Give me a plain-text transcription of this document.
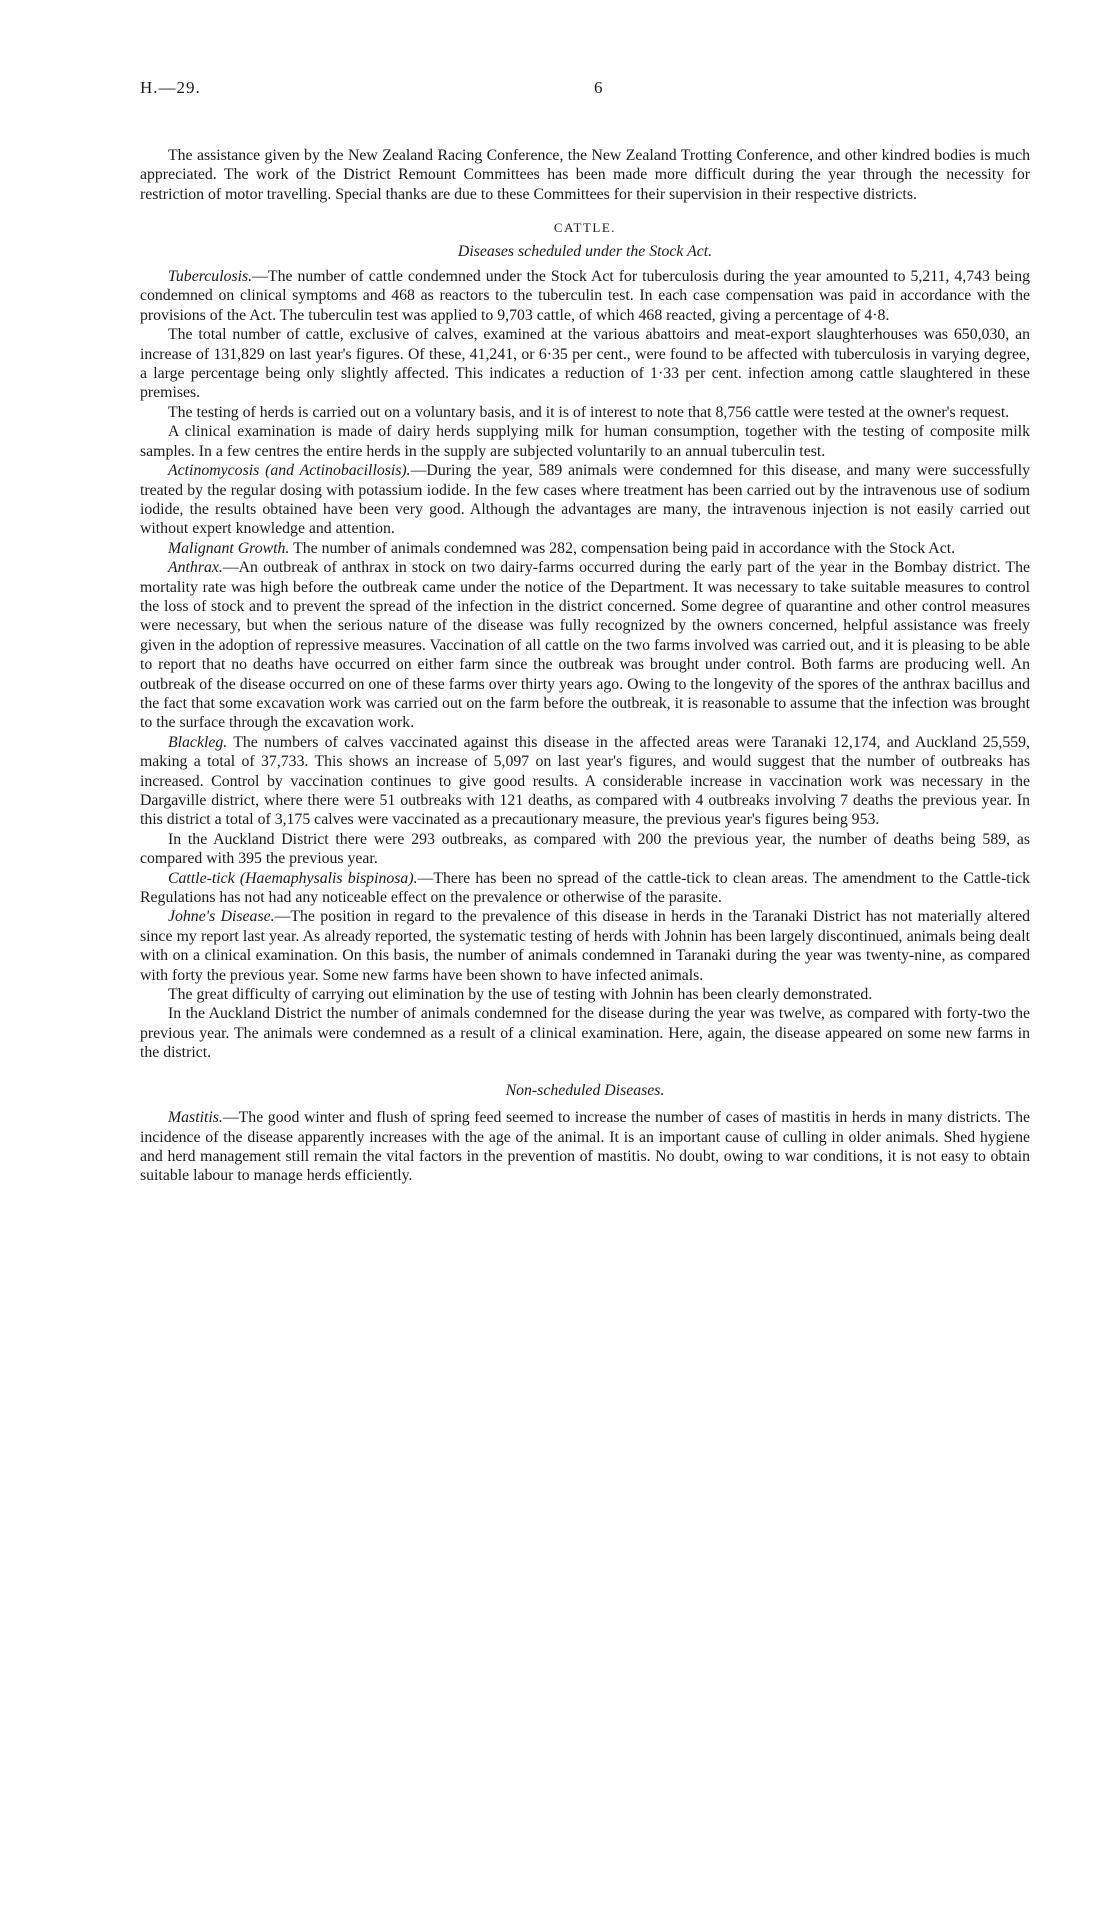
H.—29.	6

The assistance given by the New Zealand Racing Conference, the New Zealand Trotting Conference, and other kindred bodies is much appreciated. The work of the District Remount Committees has been made more difficult during the year through the necessity for restriction of motor travelling. Special thanks are due to these Committees for their supervision in their respective districts.

CATTLE.
Diseases scheduled under the Stock Act.

Tuberculosis.—The number of cattle condemned under the Stock Act for tuberculosis during the year amounted to 5,211, 4,743 being condemned on clinical symptoms and 468 as reactors to the tuberculin test. In each case compensation was paid in accordance with the provisions of the Act. The tuberculin test was applied to 9,703 cattle, of which 468 reacted, giving a percentage of 4·8.

The total number of cattle, exclusive of calves, examined at the various abattoirs and meat-export slaughterhouses was 650,030, an increase of 131,829 on last year's figures. Of these, 41,241, or 6·35 per cent., were found to be affected with tuberculosis in varying degree, a large percentage being only slightly affected. This indicates a reduction of 1·33 per cent. infection among cattle slaughtered in these premises.

The testing of herds is carried out on a voluntary basis, and it is of interest to note that 8,756 cattle were tested at the owner's request.

A clinical examination is made of dairy herds supplying milk for human consumption, together with the testing of composite milk samples. In a few centres the entire herds in the supply are subjected voluntarily to an annual tuberculin test.

Actinomycosis (and Actinobacillosis).—During the year, 589 animals were condemned for this disease, and many were successfully treated by the regular dosing with potassium iodide. In the few cases where treatment has been carried out by the intravenous use of sodium iodide, the results obtained have been very good. Although the advantages are many, the intravenous injection is not easily carried out without expert knowledge and attention.

Malignant Growth. The number of animals condemned was 282, compensation being paid in accordance with the Stock Act.

Anthrax.—An outbreak of anthrax in stock on two dairy-farms occurred during the early part of the year in the Bombay district. The mortality rate was high before the outbreak came under the notice of the Department. It was necessary to take suitable measures to control the loss of stock and to prevent the spread of the infection in the district concerned. Some degree of quarantine and other control measures were necessary, but when the serious nature of the disease was fully recognized by the owners concerned, helpful assistance was freely given in the adoption of repressive measures. Vaccination of all cattle on the two farms involved was carried out, and it is pleasing to be able to report that no deaths have occurred on either farm since the outbreak was brought under control. Both farms are producing well. An outbreak of the disease occurred on one of these farms over thirty years ago. Owing to the longevity of the spores of the anthrax bacillus and the fact that some excavation work was carried out on the farm before the outbreak, it is reasonable to assume that the infection was brought to the surface through the excavation work.

Blackleg. The numbers of calves vaccinated against this disease in the affected areas were Taranaki 12,174, and Auckland 25,559, making a total of 37,733. This shows an increase of 5,097 on last year's figures, and would suggest that the number of outbreaks has increased. Control by vaccination continues to give good results. A considerable increase in vaccination work was necessary in the Dargaville district, where there were 51 outbreaks with 121 deaths, as compared with 4 outbreaks involving 7 deaths the previous year. In this district a total of 3,175 calves were vaccinated as a precautionary measure, the previous year's figures being 953.

In the Auckland District there were 293 outbreaks, as compared with 200 the previous year, the number of deaths being 589, as compared with 395 the previous year.

Cattle-tick (Haemaphysalis bispinosa).—There has been no spread of the cattle-tick to clean areas. The amendment to the Cattle-tick Regulations has not had any noticeable effect on the prevalence or otherwise of the parasite.

Johne's Disease.—The position in regard to the prevalence of this disease in herds in the Taranaki District has not materially altered since my report last year. As already reported, the systematic testing of herds with Johnin has been largely discontinued, animals being dealt with on a clinical examination. On this basis, the number of animals condemned in Taranaki during the year was twenty-nine, as compared with forty the previous year. Some new farms have been shown to have infected animals.

The great difficulty of carrying out elimination by the use of testing with Johnin has been clearly demonstrated.

In the Auckland District the number of animals condemned for the disease during the year was twelve, as compared with forty-two the previous year. The animals were condemned as a result of a clinical examination. Here, again, the disease appeared on some new farms in the district.

Non-scheduled Diseases.

Mastitis.—The good winter and flush of spring feed seemed to increase the number of cases of mastitis in herds in many districts. The incidence of the disease apparently increases with the age of the animal. It is an important cause of culling in older animals. Shed hygiene and herd management still remain the vital factors in the prevention of mastitis. No doubt, owing to war conditions, it is not easy to obtain suitable labour to manage herds efficiently.
